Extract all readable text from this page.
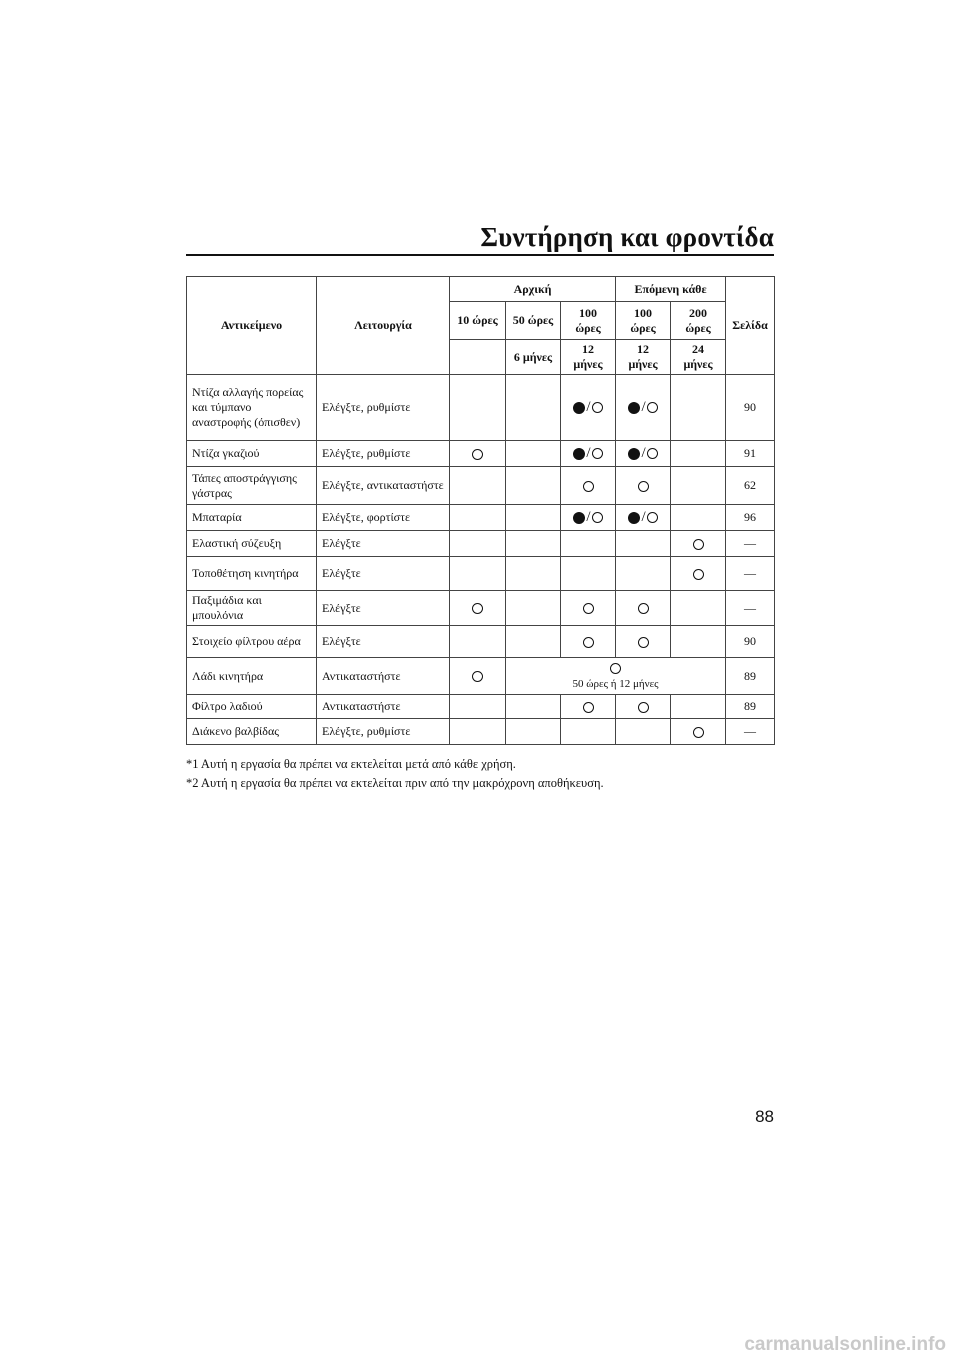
Συντήρηση και φροντίδα
Αντικείμενο	Λειτουργία	Αρχική			Επόμενη κάθε		Σελίδα
		10 ώρες	50 ώρες	100 ώρες	100 ώρες	200 ώρες	
			6 μήνες	12 μήνες	12 μήνες	24 μήνες	
Ντίζα αλλαγής πορείας και τύμπανο αναστροφής (όπισθεν)	Ελέγξτε, ρυθμίστε			/	/		90
Ντίζα γκαζιού	Ελέγξτε, ρυθμίστε			/	/		91
Τάπες αποστράγγισης γάστρας	Ελέγξτε, αντικαταστήστε						62
Μπαταρία	Ελέγξτε, φορτίστε			/	/		96
Ελαστική σύζευξη	Ελέγξτε						—
Τοποθέτηση κινητήρα	Ελέγξτε						—
Παξιμάδια και μπουλόνια	Ελέγξτε						—
Στοιχείο φίλτρου αέρα	Ελέγξτε						90
Λάδι κινητήρα	Αντικαταστήστε		50 ώρες ή 12 μήνες				89
Φίλτρο λαδιού	Αντικαταστήστε						89
Διάκενο βαλβίδας	Ελέγξτε, ρυθμίστε						—
*1 Αυτή η εργασία θα πρέπει να εκτελείται μετά από κάθε χρήση.
*2 Αυτή η εργασία θα πρέπει να εκτελείται πριν από την μακρόχρονη αποθήκευση.
88
carmanualsonline.info
